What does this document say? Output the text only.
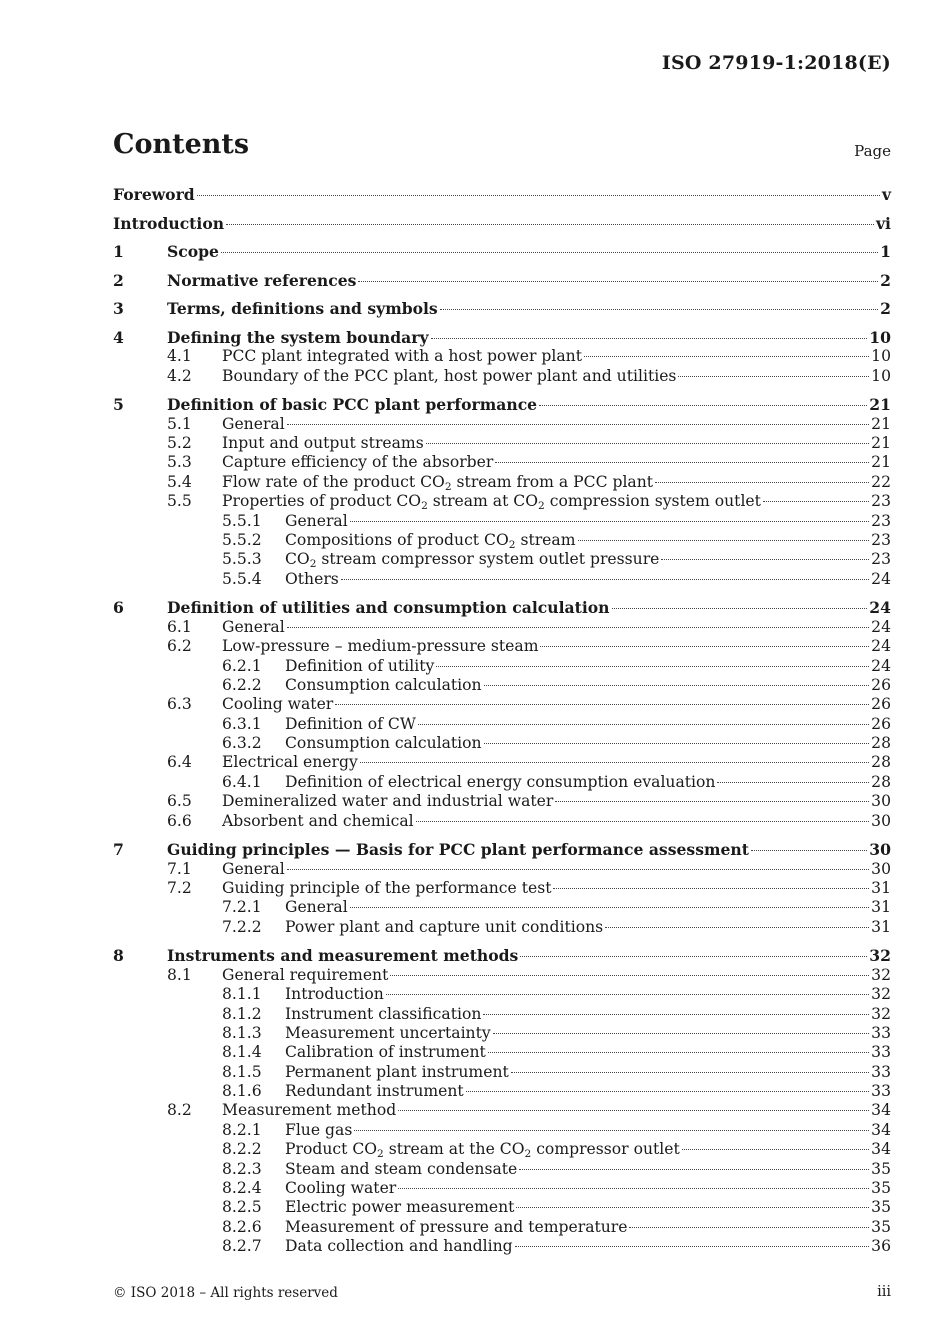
ISO 27919-1:2018(E)
Contents	Page
Foreword	v
Introduction	vi
1	Scope	1
2	Normative references	2
3	Terms, definitions and symbols	2
4	Defining the system boundary	10
4.1 PCC plant integrated with a host power plant	10
4.2 Boundary of the PCC plant, host power plant and utilities	10
5	Definition of basic PCC plant performance	21
5.1 General	21
5.2 Input and output streams	21
5.3 Capture efficiency of the absorber	21
5.4 Flow rate of the product $CO_2$ stream from a PCC plant	22
5.5 Properties of product $CO_2$ stream at $CO_2$ compression system outlet	23
5.5.1 General	23
5.5.2 Compositions of product $CO_2$ stream	23
5.5.3 $CO_2$ stream compressor system outlet pressure	23
5.5.4 Others	24
6	Definition of utilities and consumption calculation	24
6.1 General	24
6.2 Low-pressure – medium-pressure steam	24
6.2.1 Definition of utility	24
6.2.2 Consumption calculation	26
6.3 Cooling water	26
6.3.1 Definition of CW	26
6.3.2 Consumption calculation	28
6.4 Electrical energy	28
6.4.1 Definition of electrical energy consumption evaluation	28
6.5 Demineralized water and industrial water	30
6.6 Absorbent and chemical	30
7	Guiding principles — Basis for PCC plant performance assessment	30
7.1 General	30
7.2 Guiding principle of the performance test	31
7.2.1 General	31
7.2.2 Power plant and capture unit conditions	31
8	Instruments and measurement methods	32
8.1 General requirement	32
8.1.1 Introduction	32
8.1.2 Instrument classification	32
8.1.3 Measurement uncertainty	33
8.1.4 Calibration of instrument	33
8.1.5 Permanent plant instrument	33
8.1.6 Redundant instrument	33
8.2 Measurement method	34
8.2.1 Flue gas	34
8.2.2 Product $CO_2$ stream at the $CO_2$ compressor outlet	34
8.2.3 Steam and steam condensate	35
8.2.4 Cooling water	35
8.2.5 Electric power measurement	35
8.2.6 Measurement of pressure and temperature	35
8.2.7 Data collection and handling	36
© ISO 2018 – All rights reserved	iii
